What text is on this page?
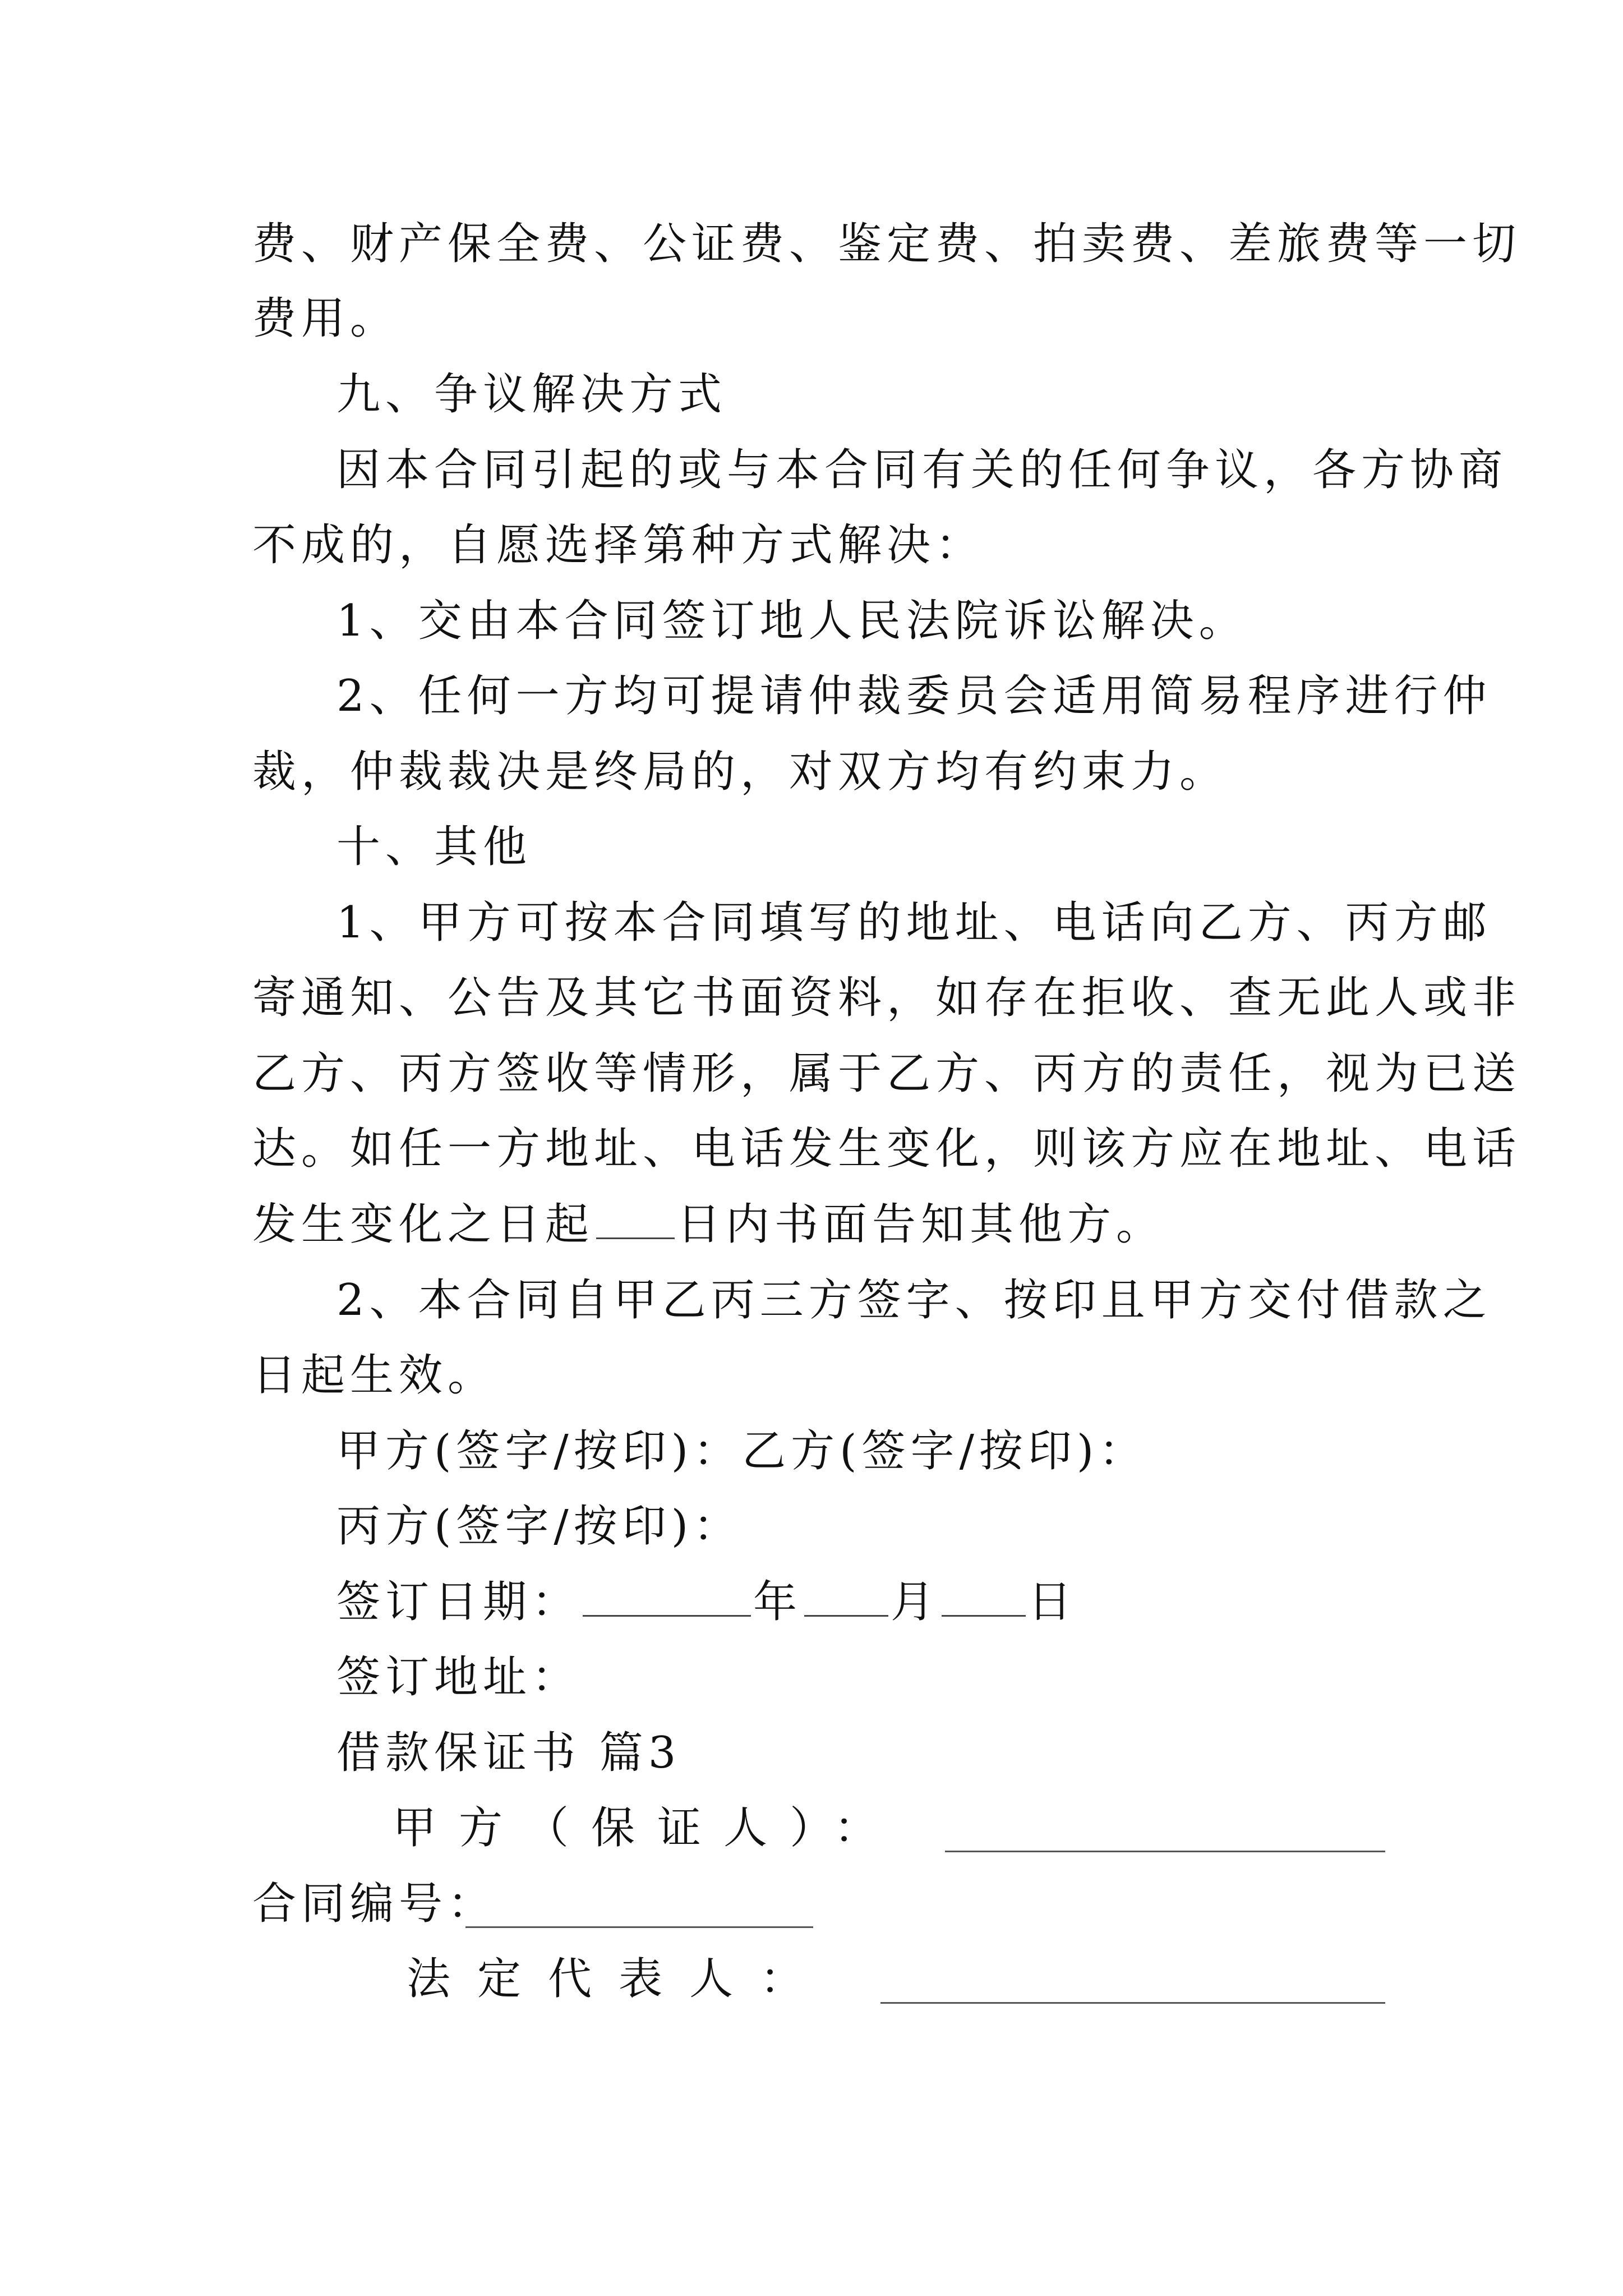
费、财产保全费、公证费、鉴定费、拍卖费、差旅费等一切
费用。
九、争议解决方式
因本合同引起的或与本合同有关的任何争议，各方协商
不成的，自愿选择第种方式解决：
1、交由本合同签订地人民法院诉讼解决。
2、任何一方均可提请仲裁委员会适用简易程序进行仲
裁，仲裁裁决是终局的，对双方均有约束力。
十、其他
1、甲方可按本合同填写的地址、电话向乙方、丙方邮
寄通知、公告及其它书面资料，如存在拒收、查无此人或非
乙方、丙方签收等情形，属于乙方、丙方的责任，视为已送
达。如任一方地址、电话发生变化，则该方应在地址、电话
发生变化之日起 日内书面告知其他方。
2、本合同自甲乙丙三方签字、按印且甲方交付借款之
日起生效。
甲方(签字/按印)：乙方(签字/按印)：
丙方(签字/按印)：
签订日期：	年 月 日
签订地址：
借款保证书 篇3
甲方（保证人）：
合同编号：
法定代表人：
